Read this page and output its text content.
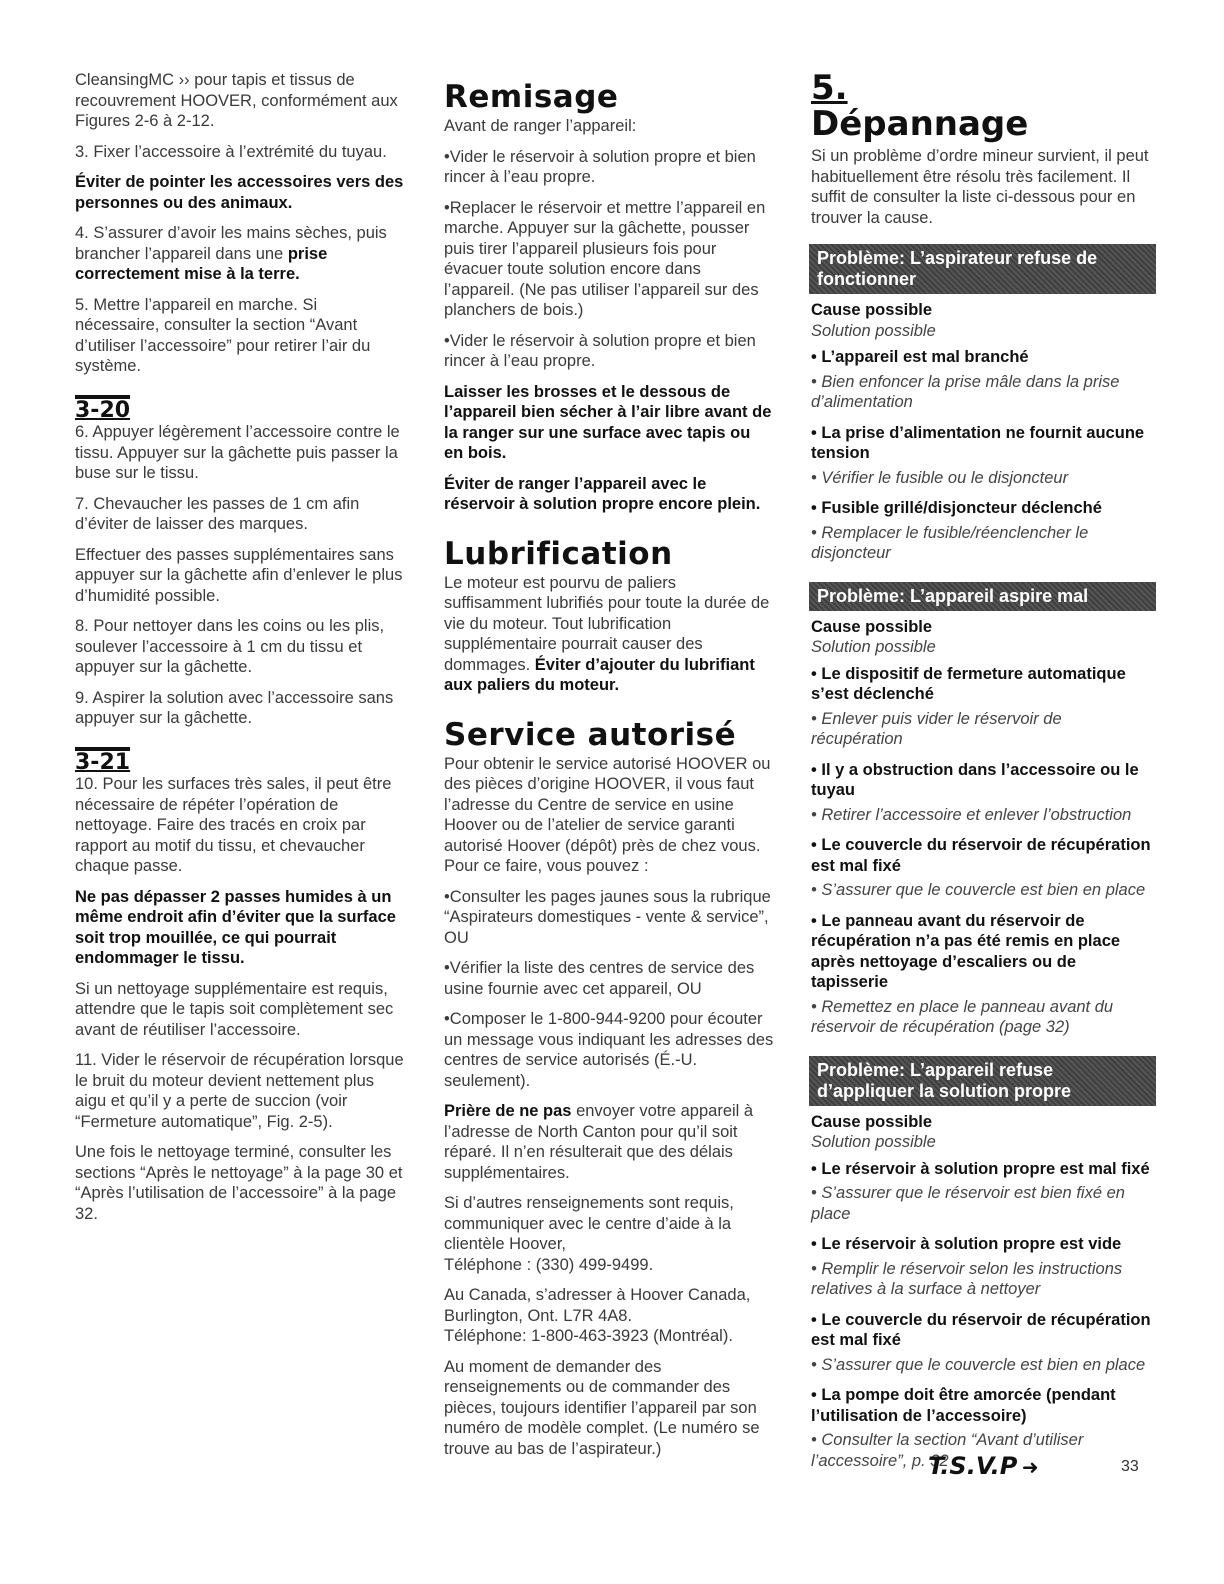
CleansingMC ›› pour tapis et tissus de recouvrement HOOVER, conformément aux Figures 2-6 à 2-12.

3. Fixer l’accessoire à l’extrémité du tuyau.

Éviter de pointer les accessoires vers des personnes ou des animaux.

4. S’assurer d’avoir les mains sèches, puis brancher l’appareil dans une prise correctement mise à la terre.

5. Mettre l’appareil en marche. Si nécessaire, consulter la section “Avant d’utiliser l’accessoire” pour retirer l’air du système.

3-20

6. Appuyer légèrement l’accessoire contre le tissu. Appuyer sur la gâchette puis passer la buse sur le tissu.

7. Chevaucher les passes de 1 cm afin d’éviter de laisser des marques.

Effectuer des passes supplémentaires sans appuyer sur la gâchette afin d’enlever le plus d’humidité possible.

8. Pour nettoyer dans les coins ou les plis, soulever l’accessoire à 1 cm du tissu et appuyer sur la gâchette.

9. Aspirer la solution avec l’accessoire sans appuyer sur la gâchette.

3-21

10. Pour les surfaces très sales, il peut être nécessaire de répéter l’opération de nettoyage. Faire des tracés en croix par rapport au motif du tissu, et chevaucher chaque passe.

Ne pas dépasser 2 passes humides à un même endroit afin d’éviter que la surface soit trop mouillée, ce qui pourrait endommager le tissu.

Si un nettoyage supplémentaire est requis, attendre que le tapis soit complètement sec avant de réutiliser l’accessoire.

11. Vider le réservoir de récupération lorsque le bruit du moteur devient nettement plus aigu et qu’il y a perte de succion (voir “Fermeture automatique”, Fig. 2-5).

Une fois le nettoyage terminé, consulter les sections “Après le nettoyage” à la page 30 et “Après l’utilisation de l’accessoire” à la page 32.

Remisage

Avant de ranger l’appareil:

•Vider le réservoir à solution propre et bien rincer à l’eau propre.

•Replacer le réservoir et mettre l’appareil en marche. Appuyer sur la gâchette, pousser puis tirer l’appareil plusieurs fois pour évacuer toute solution encore dans l’appareil. (Ne pas utiliser l’appareil sur des planchers de bois.)

•Vider le réservoir à solution propre et bien rincer à l’eau propre.

Laisser les brosses et le dessous de l’appareil bien sécher à l’air libre avant de la ranger sur une surface avec tapis ou en bois.

Éviter de ranger l’appareil avec le réservoir à solution propre encore plein.

Lubrification

Le moteur est pourvu de paliers suffisamment lubrifiés pour toute la durée de vie du moteur. Tout lubrification supplémentaire pourrait causer des dommages. Éviter d’ajouter du lubrifiant aux paliers du moteur.

Service autorisé

Pour obtenir le service autorisé HOOVER ou des pièces d’origine HOOVER, il vous faut l’adresse du Centre de service en usine Hoover ou de l’atelier de service garanti autorisé Hoover (dépôt) près de chez vous. Pour ce faire, vous pouvez :

•Consulter les pages jaunes sous la rubrique “Aspirateurs domestiques - vente & service”, OU

•Vérifier la liste des centres de service des usine fournie avec cet appareil, OU

•Composer le 1-800-944-9200 pour écouter un message vous indiquant les adresses des centres de service autorisés (É.-U. seulement).

Prière de ne pas envoyer votre appareil à l’adresse de North Canton pour qu’il soit réparé. Il n’en résulterait que des délais supplémentaires.

Si d’autres renseignements sont requis, communiquer avec le centre d’aide à la clientèle Hoover,
Téléphone : (330) 499-9499.

Au Canada, s’adresser à Hoover Canada, Burlington, Ont. L7R 4A8.
Téléphone: 1-800-463-3923 (Montréal).

Au moment de demander des renseignements ou de commander des pièces, toujours identifier l’appareil par son numéro de modèle complet. (Le numéro se trouve au bas de l’aspirateur.)

5.
Dépannage

Si un problème d’ordre mineur survient, il peut habituellement être résolu très facilement. Il suffit de consulter la liste ci-dessous pour en trouver la cause.

Problème: L’aspirateur refuse de fonctionner
Cause possible
Solution possible
• L’appareil est mal branché
• Bien enfoncer la prise mâle dans la prise d’alimentation
• La prise d’alimentation ne fournit aucune tension
• Vérifier le fusible ou le disjoncteur
• Fusible grillé/disjoncteur déclenché
• Remplacer le fusible/réenclencher le disjoncteur
Problème: L’appareil aspire mal
Cause possible
Solution possible
• Le dispositif de fermeture automatique s’est déclenché
• Enlever puis vider le réservoir de récupération
• Il y a obstruction dans l’accessoire ou le tuyau
• Retirer l’accessoire et enlever l’obstruction
• Le couvercle du réservoir de récupération est mal fixé
• S’assurer que le couvercle est bien en place
• Le panneau avant du réservoir de récupération n’a pas été remis en place après nettoyage d’escaliers ou de tapisserie
• Remettez en place le panneau avant du réservoir de récupération (page 32)
Problème: L’appareil refuse d’appliquer la solution propre
Cause possible
Solution possible
• Le réservoir à solution propre est mal fixé
• S’assurer que le réservoir est bien fixé en place
• Le réservoir à solution propre est vide
• Remplir le réservoir selon les instructions relatives à la surface à nettoyer
• Le couvercle du réservoir de récupération est mal fixé
• S’assurer que le couvercle est bien en place
• La pompe doit être amorcée (pendant l’utilisation de l’accessoire)
• Consulter la section “Avant d’utiliser l’accessoire”, p. 32
T.S.V.P ➜	33
